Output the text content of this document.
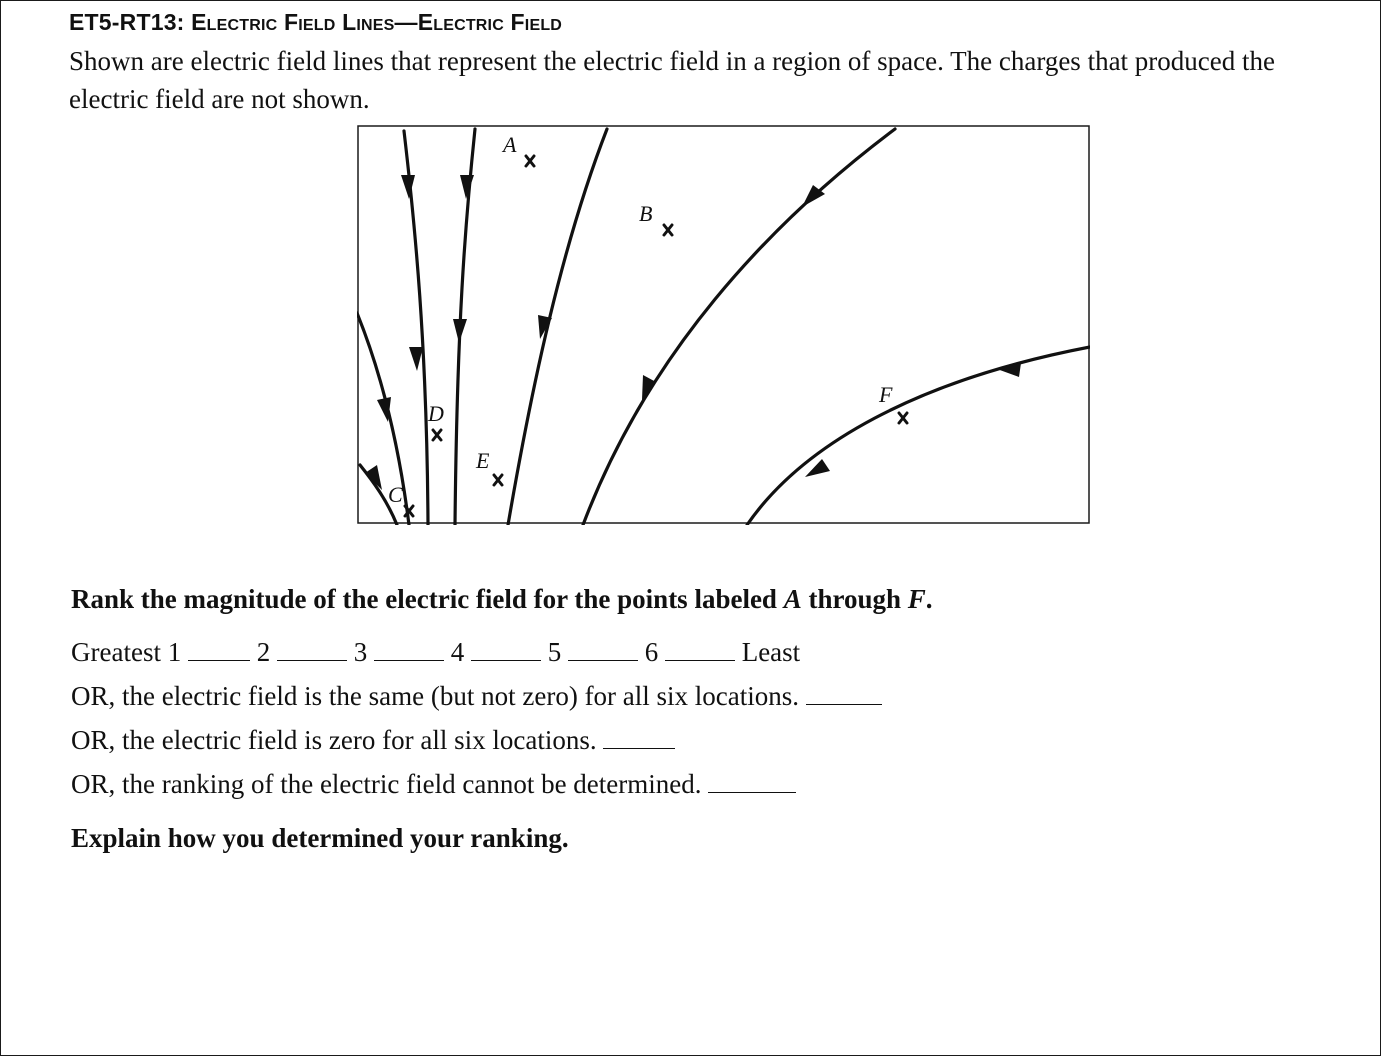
ET5-RT13: Electric Field Lines—Electric Field
Shown are electric field lines that represent the electric field in a region of space. The charges that produced the electric field are not shown.
A
B
C
D
E
F
Rank the magnitude of the electric field for the points labeled A through F.
Greatest 1	2	3	4	5	6	Least
OR, the electric field is the same (but not zero) for all six locations.
OR, the electric field is zero for all six locations.
OR, the ranking of the electric field cannot be determined.
Explain how you determined your ranking.
